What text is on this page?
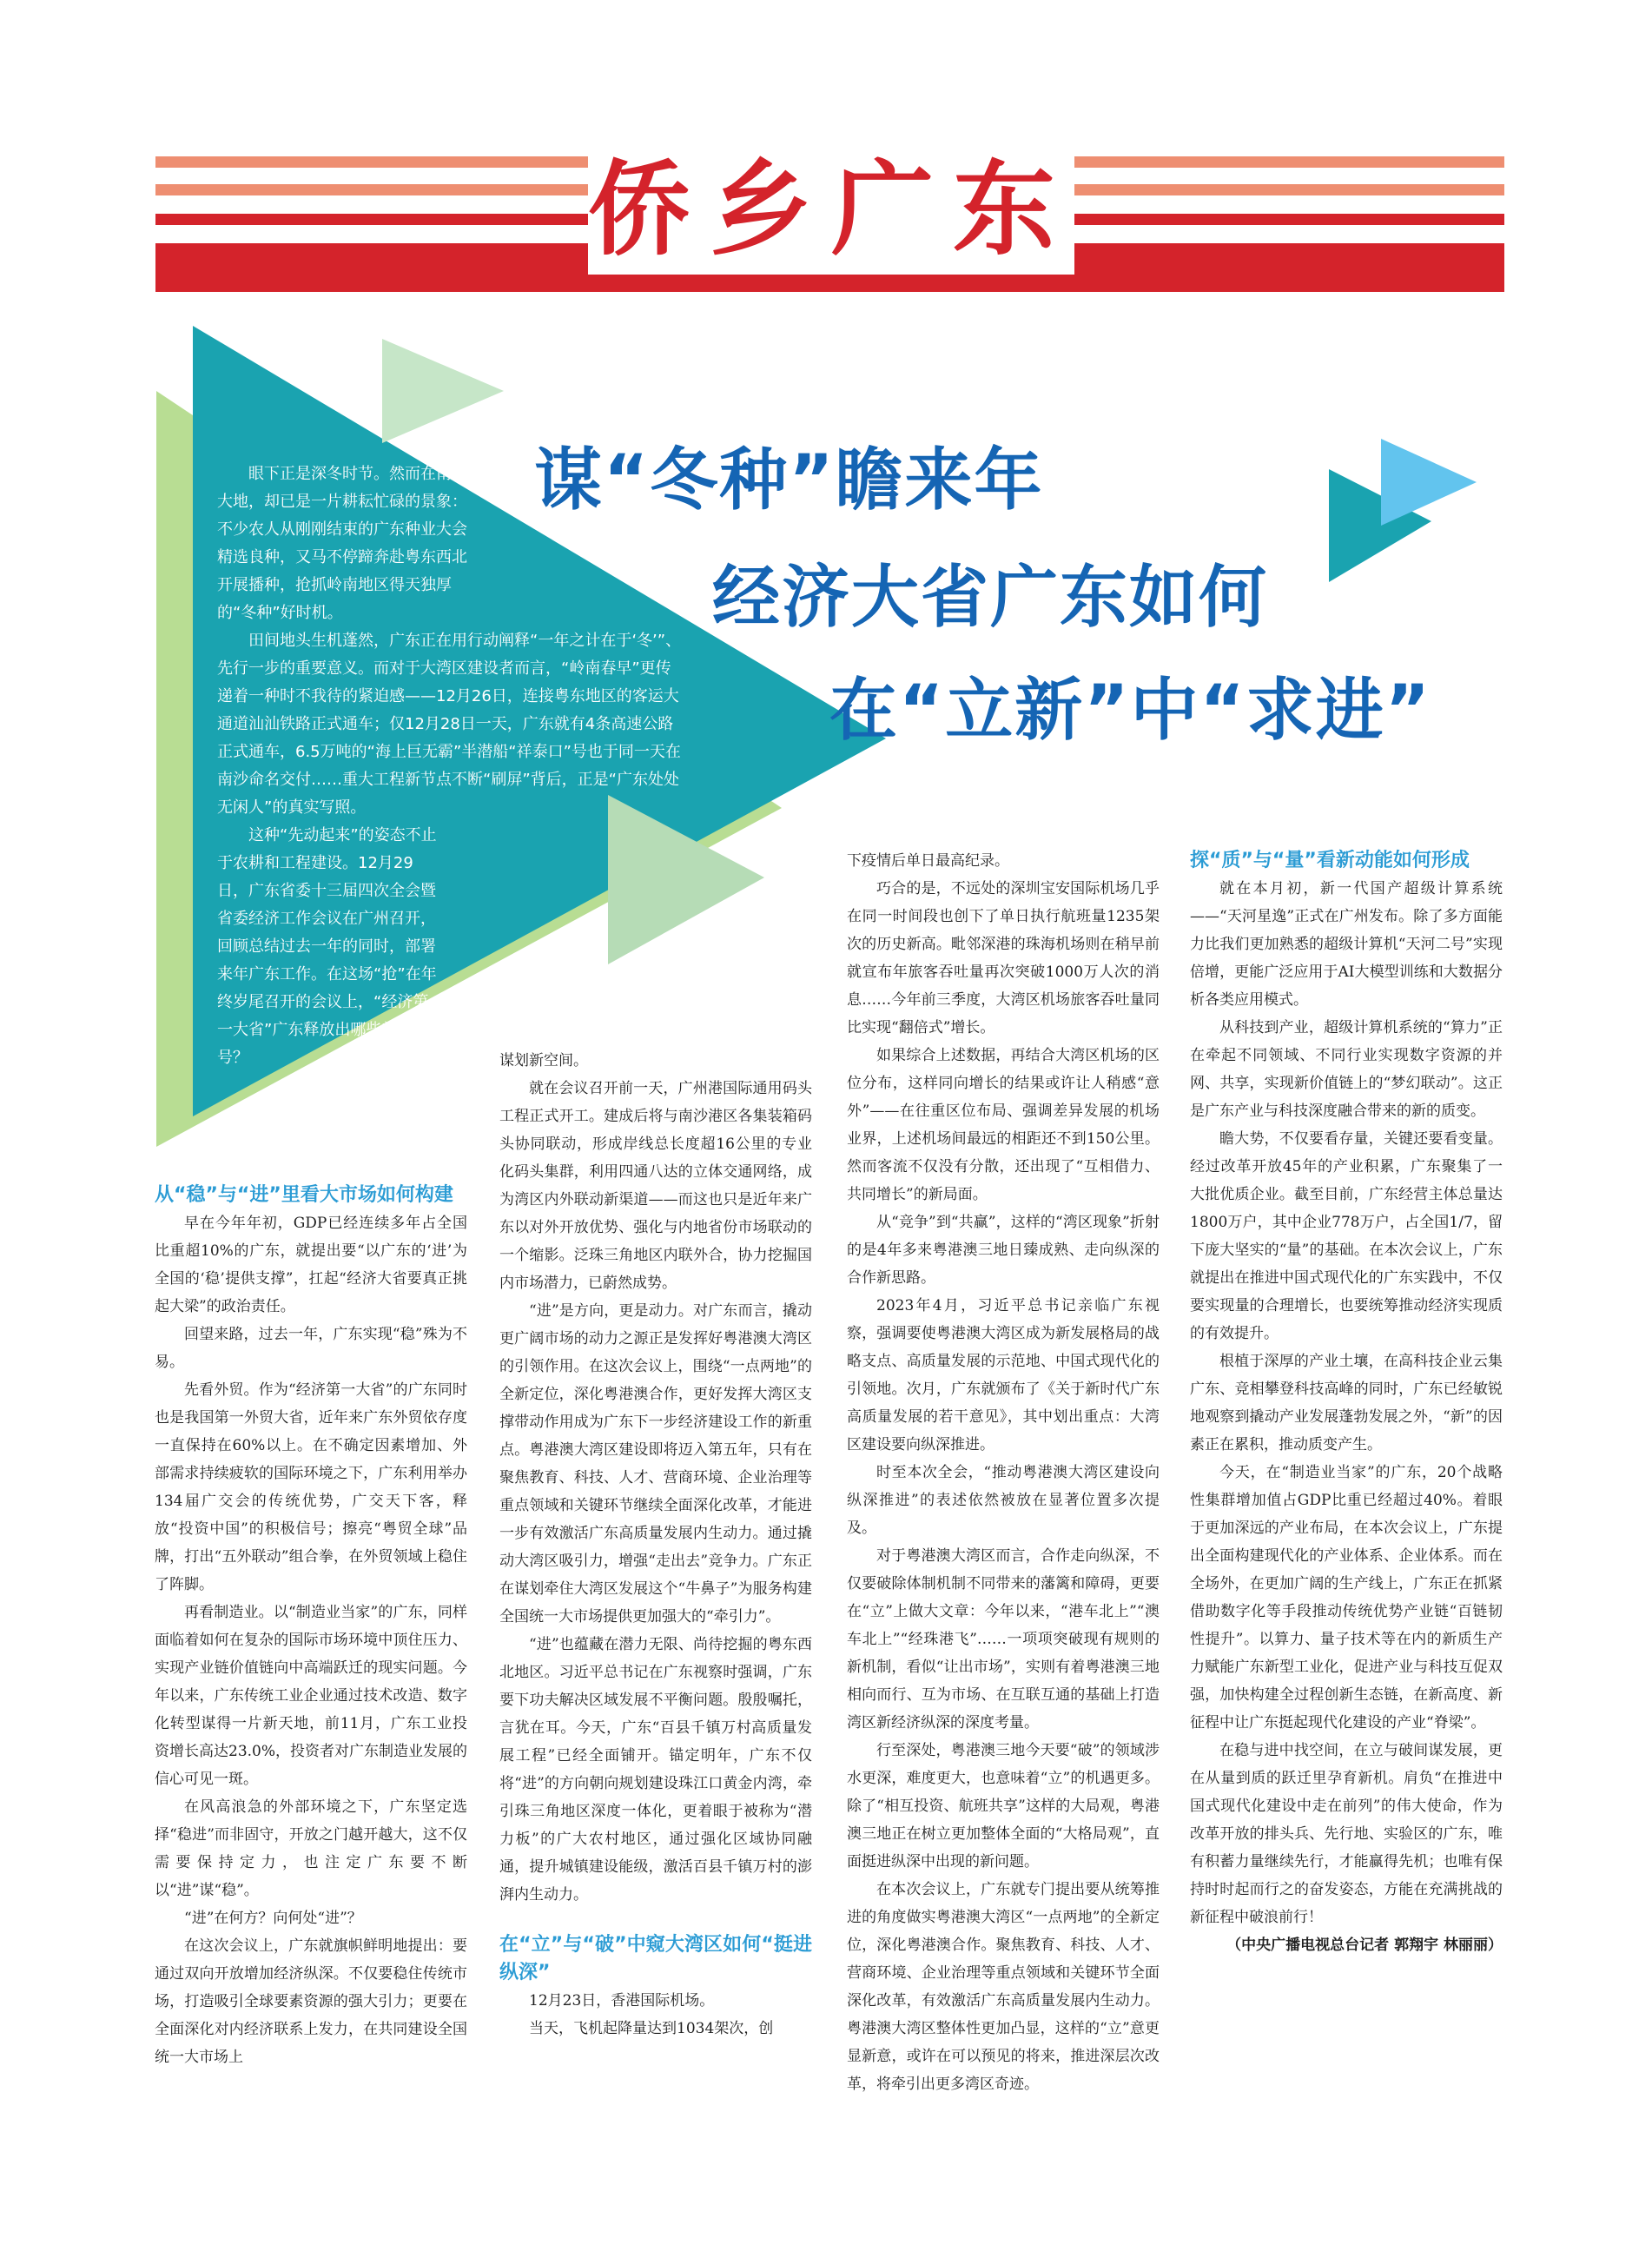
侨乡广东
谋“冬种”瞻来年
经济大省广东如何
在“立新”中“求进”

眼下正是深冬时节。然而在南粤大地，却已是一片耕耘忙碌的景象：不少农人从刚刚结束的广东种业大会精选良种，又马不停蹄奔赴粤东西北开展播种，抢抓岭南地区得天独厚的“冬种”好时机。

田间地头生机蓬然，广东正在用行动阐释“一年之计在于‘冬’”、先行一步的重要意义。而对于大湾区建设者而言，“岭南春早”更传递着一种时不我待的紧迫感——12月26日，连接粤东地区的客运大通道汕汕铁路正式通车；仅12月28日一天，广东就有4条高速公路正式通车，6.5万吨的“海上巨无霸”半潜船“祥泰口”号也于同一天在南沙命名交付……重大工程新节点不断“刷屏”背后，正是“广东处处无闲人”的真实写照。

这种“先动起来”的姿态不止于农耕和工程建设。12月29日，广东省委十三届四次全会暨省委经济工作会议在广州召开，回顾总结过去一年的同时，部署来年广东工作。在这场“抢”在年终岁尾召开的会议上，“经济第一大省”广东释放出哪些新信号？

从“稳”与“进”里看大市场如何构建

早在今年年初，GDP已经连续多年占全国比重超10%的广东，就提出要“以广东的‘进’为全国的‘稳’提供支撑”，扛起“经济大省要真正挑起大梁”的政治责任。

回望来路，过去一年，广东实现“稳”殊为不易。

先看外贸。作为“经济第一大省”的广东同时也是我国第一外贸大省，近年来广东外贸依存度一直保持在60%以上。在不确定因素增加、外部需求持续疲软的国际环境之下，广东利用举办134届广交会的传统优势，广交天下客，释放“投资中国”的积极信号；擦亮“粤贸全球”品牌，打出“五外联动”组合拳，在外贸领域上稳住了阵脚。

再看制造业。以“制造业当家”的广东，同样面临着如何在复杂的国际市场环境中顶住压力、实现产业链价值链向中高端跃迁的现实问题。今年以来，广东传统工业企业通过技术改造、数字化转型谋得一片新天地，前11月，广东工业投资增长高达23.0%，投资者对广东制造业发展的信心可见一斑。

在风高浪急的外部环境之下，广东坚定选择“稳进”而非固守，开放之门越开越大，这不仅需要保持定力，也注定广东要不断以“进”谋“稳”。

“进”在何方？向何处“进”？

在这次会议上，广东就旗帜鲜明地提出：要通过双向开放增加经济纵深。不仅要稳住传统市场，打造吸引全球要素资源的强大引力；更要在全面深化对内经济联系上发力，在共同建设全国统一大市场上

谋划新空间。

就在会议召开前一天，广州港国际通用码头工程正式开工。建成后将与南沙港区各集装箱码头协同联动，形成岸线总长度超16公里的专业化码头集群，利用四通八达的立体交通网络，成为湾区内外联动新渠道——而这也只是近年来广东以对外开放优势、强化与内地省份市场联动的一个缩影。泛珠三角地区内联外合，协力挖掘国内市场潜力，已蔚然成势。

“进”是方向，更是动力。对广东而言，撬动更广阔市场的动力之源正是发挥好粤港澳大湾区的引领作用。在这次会议上，围绕“一点两地”的全新定位，深化粤港澳合作，更好发挥大湾区支撑带动作用成为广东下一步经济建设工作的新重点。粤港澳大湾区建设即将迈入第五年，只有在聚焦教育、科技、人才、营商环境、企业治理等重点领域和关键环节继续全面深化改革，才能进一步有效激活广东高质量发展内生动力。通过撬动大湾区吸引力，增强“走出去”竞争力。广东正在谋划牵住大湾区发展这个“牛鼻子”为服务构建全国统一大市场提供更加强大的“牵引力”。

“进”也蕴藏在潜力无限、尚待挖掘的粤东西北地区。习近平总书记在广东视察时强调，广东要下功夫解决区域发展不平衡问题。殷殷嘱托，言犹在耳。今天，广东“百县千镇万村高质量发展工程”已经全面铺开。锚定明年，广东不仅将“进”的方向朝向规划建设珠江口黄金内湾，牵引珠三角地区深度一体化，更着眼于被称为“潜力板”的广大农村地区，通过强化区域协同融通，提升城镇建设能级，激活百县千镇万村的澎湃内生动力。

在“立”与“破”中窥大湾区如何“挺进纵深”

12月23日，香港国际机场。

当天，飞机起降量达到1034架次，创

下疫情后单日最高纪录。

巧合的是，不远处的深圳宝安国际机场几乎在同一时间段也创下了单日执行航班量1235架次的历史新高。毗邻深港的珠海机场则在稍早前就宣布年旅客吞吐量再次突破1000万人次的消息……今年前三季度，大湾区机场旅客吞吐量同比实现“翻倍式”增长。

如果综合上述数据，再结合大湾区机场的区位分布，这样同向增长的结果或许让人稍感“意外”——在往重区位布局、强调差异发展的机场业界，上述机场间最远的相距还不到150公里。然而客流不仅没有分散，还出现了“互相借力、共同增长”的新局面。

从“竞争”到“共赢”，这样的“湾区现象”折射的是4年多来粤港澳三地日臻成熟、走向纵深的合作新思路。

2023年4月，习近平总书记亲临广东视察，强调要使粤港澳大湾区成为新发展格局的战略支点、高质量发展的示范地、中国式现代化的引领地。次月，广东就颁布了《关于新时代广东高质量发展的若干意见》，其中划出重点：大湾区建设要向纵深推进。

时至本次全会，“推动粤港澳大湾区建设向纵深推进”的表述依然被放在显著位置多次提及。

对于粤港澳大湾区而言，合作走向纵深，不仅要破除体制机制不同带来的藩篱和障碍，更要在“立”上做大文章：今年以来，“港车北上”“澳车北上”“经珠港飞”……一项项突破现有规则的新机制，看似“让出市场”，实则有着粤港澳三地相向而行、互为市场、在互联互通的基础上打造湾区新经济纵深的深度考量。

行至深处，粤港澳三地今天要“破”的领域涉水更深，难度更大，也意味着“立”的机遇更多。除了“相互投资、航班共享”这样的大局观，粤港澳三地正在树立更加整体全面的“大格局观”，直面挺进纵深中出现的新问题。

在本次会议上，广东就专门提出要从统筹推进的角度做实粤港澳大湾区“一点两地”的全新定位，深化粤港澳合作。聚焦教育、科技、人才、营商环境、企业治理等重点领域和关键环节全面深化改革，有效激活广东高质量发展内生动力。粤港澳大湾区整体性更加凸显，这样的“立”意更显新意，或许在可以预见的将来，推进深层次改革，将牵引出更多湾区奇迹。

探“质”与“量”看新动能如何形成

就在本月初，新一代国产超级计算系统——“天河星逸”正式在广州发布。除了多方面能力比我们更加熟悉的超级计算机“天河二号”实现倍增，更能广泛应用于AI大模型训练和大数据分析各类应用模式。

从科技到产业，超级计算机系统的“算力”正在牵起不同领域、不同行业实现数字资源的并网、共享，实现新价值链上的“梦幻联动”。这正是广东产业与科技深度融合带来的新的质变。

瞻大势，不仅要看存量，关键还要看变量。经过改革开放45年的产业积累，广东聚集了一大批优质企业。截至目前，广东经营主体总量达1800万户，其中企业778万户，占全国1/7，留下庞大坚实的“量”的基础。在本次会议上，广东就提出在推进中国式现代化的广东实践中，不仅要实现量的合理增长，也要统筹推动经济实现质的有效提升。

根植于深厚的产业土壤，在高科技企业云集广东、竞相攀登科技高峰的同时，广东已经敏锐地观察到撬动产业发展蓬勃发展之外，“新”的因素正在累积，推动质变产生。

今天，在“制造业当家”的广东，20个战略性集群增加值占GDP比重已经超过40%。着眼于更加深远的产业布局，在本次会议上，广东提出全面构建现代化的产业体系、企业体系。而在全场外，在更加广阔的生产线上，广东正在抓紧借助数字化等手段推动传统优势产业链“百链韧性提升”。以算力、量子技术等在内的新质生产力赋能广东新型工业化，促进产业与科技互促双强，加快构建全过程创新生态链，在新高度、新征程中让广东挺起现代化建设的产业“脊梁”。

在稳与进中找空间，在立与破间谋发展，更在从量到质的跃迁里孕育新机。肩负“在推进中国式现代化建设中走在前列”的伟大使命，作为改革开放的排头兵、先行地、实验区的广东，唯有积蓄力量继续先行，才能赢得先机；也唯有保持时时起而行之的奋发姿态，方能在充满挑战的新征程中破浪前行！

（中央广播电视总台记者 郭翔宇 林丽丽）
